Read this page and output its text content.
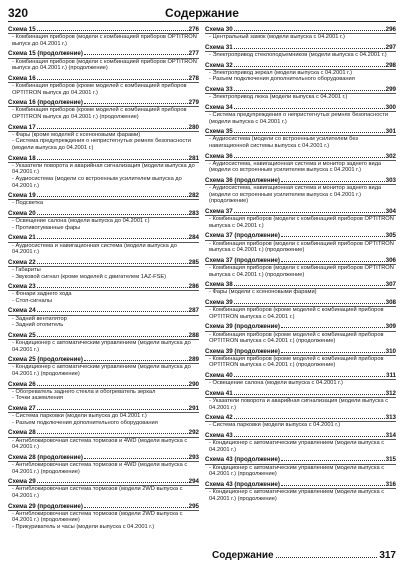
320	Содержание
Схема 15	276
- Комбинация приборов (модели с комбинацией приборов OPTITRON выпуск до 04.2001 г.)
Схема 15 (продолжение)	277
- Комбинация приборов (модели с комбинацией приборов OPTITRON выпуск до 04.2001 г.) (продолжение)
Схема 16	278
- Комбинация приборов (кроме моделей с комбинацией приборов OPTITRON выпуск до 04.2001 г.)
Схема 16 (продолжение)	279
- Комбинация приборов (кроме моделей с комбинацией приборов OPTITRON выпуск до 04.2001 г.) (продолжение)
Схема 17	280
- Фары (кроме моделей с ксеноновыми фарами)
- Система предупреждения о непристегнутых ремнях безопасности (модели выпуска до 04.2001 г.)
Схема 18	281
- Указатели поворота и аварийная сигнализация (модели выпуска до 04.2001 г.)
- Аудиосистема (модели со встроенным усилителем выпуска до 04.2001 г.)
Схема 19	282
- Подсветка
Схема 20	283
- Освещение салона (модели выпуска до 04.2001 г.)
- Противотуманные фары
Схема 21	284
- Аудиосистема и навигационная система (модели выпуска до 04.2001 г.)
Схема 22	285
- Габариты
- Звуковой сигнал (кроме моделей с двигателем 1AZ-FSE)
Схема 23	286
- Фонари заднего хода
- Стоп-сигналы
Схема 24	287
- Задний вентилятор
- Задний отопитель
Схема 25	288
- Кондиционер с автоматическим управлением (модели выпуска до 04.2001 г.)
Схема 25 (продолжение)	289
- Кондиционер с автоматическим управлением (модели выпуска до 04.2001 г.) (продолжение)
Схема 26	290
- Обогреватель заднего стекла и обогреватель зеркал
- Точки заземления
Схема 27	291
- Система парковки (модели выпуска до 04.2001 г.)
- Разъем подключения дополнительного оборудования
Схема 28	292
- Антиблокировочная система тормозов и 4WD (модели выпуска с 04.2001 г.)
Схема 28 (продолжение)	293
- Антиблокировочная система тормозов и 4WD (модели выпуска с 04.2001 г.) (продолжение)
Схема 29	294
- Антиблокировочная система тормозов (модели 2WD выпуска с 04.2001 г.)
Схема 29 (продолжение)	295
- Антиблокировочная система тормозов (модели 2WD выпуска с 04.2001 г.) (продолжение)
- Прикуриватель и часы (модели выпуска с 04.2001 г.)
Схема 30	296
- Центральный замок (модели выпуска с 04.2001 г.)
Схема 31	297
- Электропривод стеклоподъемников (модели выпуска с 04.2001 г.)
Схема 32	298
- Электропривод зеркал (модели выпуска с 04.2001 г.)
- Разъем подключения дополнительного оборудования
Схема 33	299
- Электропривод люка (модели выпуска с 04.2001 г.)
Схема 34	300
- Система предупреждения о непристегнутых ремнях безопасности (модели выпуска с 04.2001 г.)
Схема 35	301
- Аудиосистема (модели со встроенным усилителем без навигационной системы выпуска с 04.2001 г.)
Схема 36	302
- Аудиосистема, навигационная система и монитор заднего вида (модели со встроенным усилителем выпуска с 04.2001 г.)
Схема 36 (продолжение)	303
- Аудиосистема, навигационная система и монитор заднего вида (модели со встроенным усилителем выпуска с 04.2001 г.) (продолжение)
Схема 37	304
- Комбинация приборов (модели с комбинацией приборов OPTITRON выпуска с 04.2001 г.)
Схема 37 (продолжение)	305
- Комбинация приборов (модели с комбинацией приборов OPTITRON выпуска с 04.2001 г.) (продолжение)
Схема 37 (продолжение)	306
- Комбинация приборов (модели с комбинацией приборов OPTITRON выпуска с 04.2001 г.) (продолжение)
Схема 38	307
- Фары (модели с ксеноновыми фарами)
Схема 39	308
- Комбинация приборов (кроме моделей с комбинацией приборов OPTITRON выпуска с 04.2001 г.)
Схема 39 (продолжение)	309
- Комбинация приборов (кроме моделей с комбинацией приборов OPTITRON выпуска с 04.2001 г.) (продолжение)
Схема 39 (продолжение)	310
- Комбинация приборов (кроме моделей с комбинацией приборов OPTITRON выпуска с 04.2001 г.) (продолжение)
Схема 40	311
- Освещение салона (модели выпуска с 04.2001 г.)
Схема 41	312
- Указатели поворота и аварийная сигнализация (модели выпуска с 04.2001 г.)
Схема 42	313
- Система парковки (модели выпуска с 04.2001 г.)
Схема 43	314
- Кондиционер с автоматическим управлением (модели выпуска с 04.2001 г.)
Схема 43 (продолжение)	315
- Кондиционер с автоматическим управлением (модели выпуска с 04.2001 г.) (продолжение)
Схема 43 (продолжение)	316
- Кондиционер с автоматическим управлением (модели выпуска с 04.2001 г.) (продолжение)
Содержание	317
